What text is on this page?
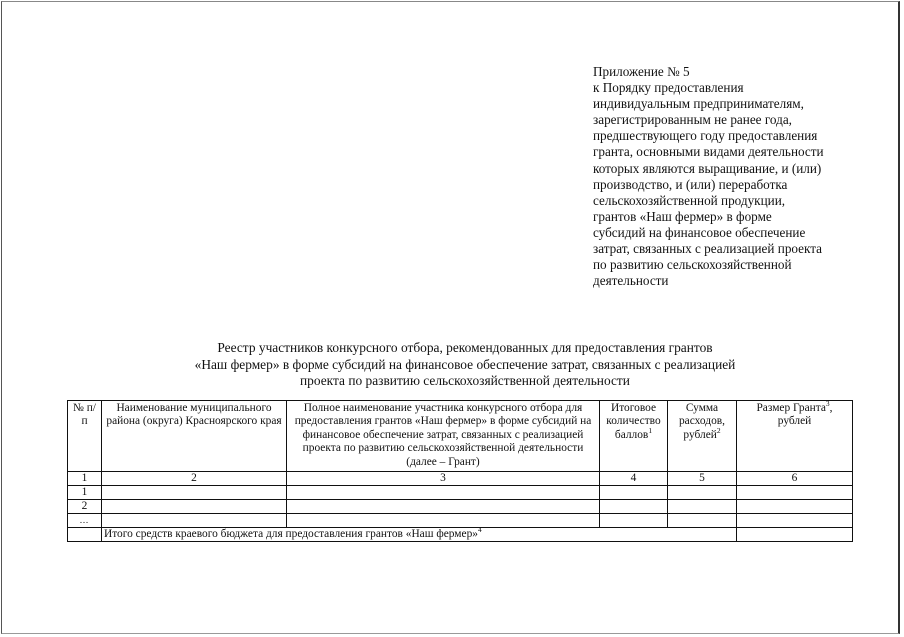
Приложение № 5
к Порядку предоставления
индивидуальным предпринимателям,
зарегистрированным не ранее года,
предшествующего году предоставления
гранта, основными видами деятельности
которых являются выращивание, и (или)
производство, и (или) переработка
сельскохозяйственной продукции,
грантов «Наш фермер» в форме
субсидий на финансовое обеспечение
затрат, связанных с реализацией проекта
по развитию сельскохозяйственной
деятельности
Реестр участников конкурсного отбора, рекомендованных для предоставления грантов
«Наш фермер» в форме субсидий на финансовое обеспечение затрат, связанных с реализацией
проекта по развитию сельскохозяйственной деятельности
№ п/п	Наименование муниципального района (округа) Красноярского края	Полное наименование участника конкурсного отбора для предоставления грантов «Наш фермер» в форме субсидий на финансовое обеспечение затрат, связанных с реализацией проекта по развитию сельскохозяйственной деятельности (далее – Грант)	Итоговое количество баллов$^1$	Сумма расходов, рублей$^2$	Размер Гранта$^3$, рублей
1	2	3	4	5	6
1					
2					
…					
	Итого средств краевого бюджета для предоставления грантов «Наш фермер»$^4$	
